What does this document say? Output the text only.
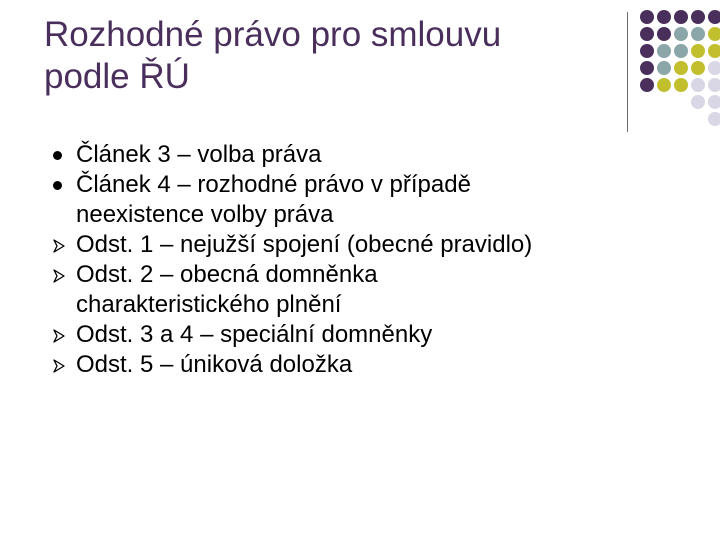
Rozhodné právo pro smlouvu
podle ŘÚ
Článek 3 – volba práva
Článek 4 – rozhodné právo v případě
neexistence volby práva
Odst. 1 – nejužší spojení (obecné pravidlo)
Odst. 2 – obecná domněnka
charakteristického plnění
Odst. 3 a 4 – speciální domněnky
Odst. 5 – úniková doložka
